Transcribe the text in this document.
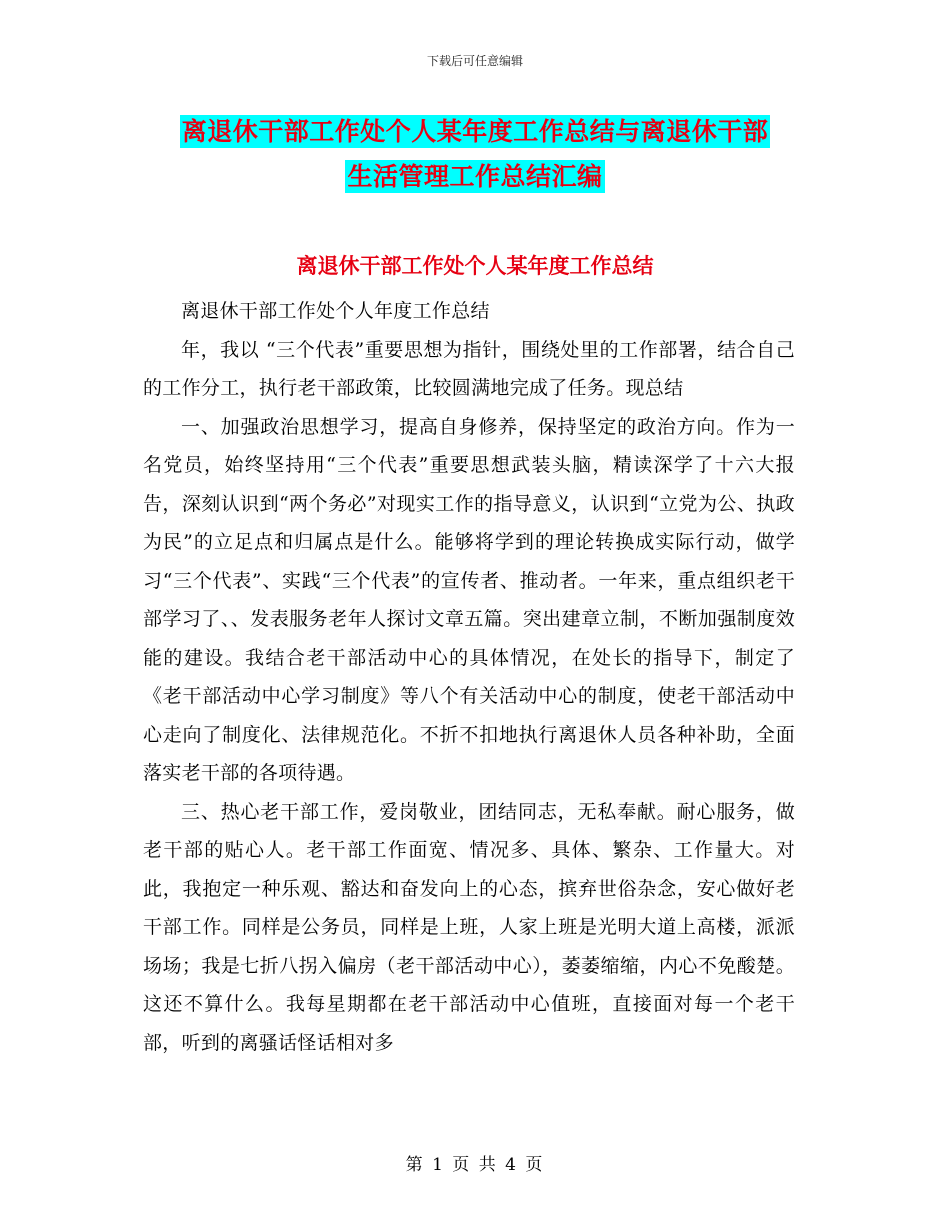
下载后可任意编辑
离退休干部工作处个人某年度工作总结与离退休干部
生活管理工作总结汇编
离退休干部工作处个人某年度工作总结

离退休干部工作处个人年度工作总结

年，我以 “三个代表”重要思想为指针，围绕处里的工作部署，结合自己的工作分工，执行老干部政策，比较圆满地完成了任务。现总结

一、加强政治思想学习，提高自身修养，保持坚定的政治方向。作为一名党员，始终坚持用“三个代表”重要思想武装头脑，精读深学了十六大报告，深刻认识到“两个务必”对现实工作的指导意义，认识到“立党为公、执政为民”的立足点和归属点是什么。能够将学到的理论转换成实际行动，做学习“三个代表”、实践“三个代表”的宣传者、推动者。一年来，重点组织老干部学习了、、发表服务老年人探讨文章五篇。突出建章立制，不断加强制度效能的建设。我结合老干部活动中心的具体情况，在处长的指导下，制定了《老干部活动中心学习制度》等八个有关活动中心的制度，使老干部活动中心走向了制度化、法律规范化。不折不扣地执行离退休人员各种补助，全面落实老干部的各项待遇。

三、热心老干部工作，爱岗敬业，团结同志，无私奉献。耐心服务，做老干部的贴心人。老干部工作面宽、情况多、具体、繁杂、工作量大。对此，我抱定一种乐观、豁达和奋发向上的心态，摈弃世俗杂念，安心做好老干部工作。同样是公务员，同样是上班，人家上班是光明大道上高楼，派派场场；我是七折八拐入偏房（老干部活动中心），萎萎缩缩，内心不免酸楚。这还不算什么。我每星期都在老干部活动中心值班，直接面对每一个老干部，听到的离骚话怪话相对多

第 1 页 共 4 页
